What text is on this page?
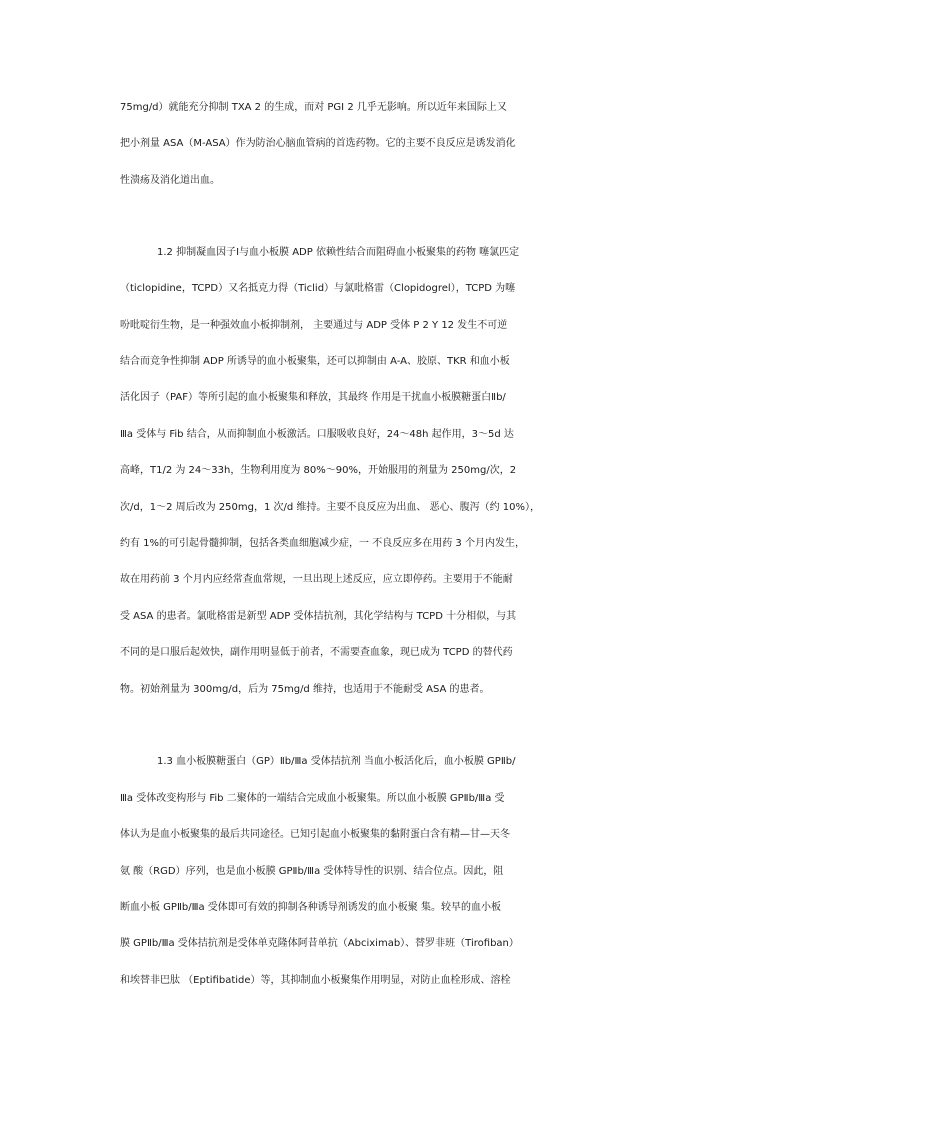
75mg/d）就能充分抑制 TXA 2 的生成，而对 PGI 2 几乎无影响。所以近年来国际上又
把小剂量 ASA（M-ASA）作为防治心脑血管病的首选药物。它的主要不良反应是诱发消化
性溃疡及消化道出血。
1.2 抑制凝血因子Ⅰ与血小板膜 ADP 依赖性结合而阻碍血小板聚集的药物 噻氯匹定
（ticlopidine，TCPD）又名抵克力得（Ticlid）与氯吡格雷（Clopidogrel），TCPD 为噻
吩吡啶衍生物，是一种强效血小板抑制剂， 主要通过与 ADP 受体 P 2 Y 12 发生不可逆
结合而竞争性抑制 ADP 所诱导的血小板聚集，还可以抑制由 A-A、胶原、TKR 和血小板
活化因子（PAF）等所引起的血小板聚集和释放，其最终 作用是干扰血小板膜糖蛋白Ⅱb/
Ⅲa 受体与 Fib 结合，从而抑制血小板激活。口服吸收良好，24～48h 起作用，3～5d 达
高峰，T1/2 为 24～33h，生物利用度为 80%～90%，开始服用的剂量为 250mg/次，2
次/d，1～2 周后改为 250mg，1 次/d 维持。主要不良反应为出血、 恶心、腹泻（约 10%），
约有 1%的可引起骨髓抑制，包括各类血细胞减少症，一 不良反应多在用药 3 个月内发生，
故在用药前 3 个月内应经常查血常规，一旦出现上述反应，应立即停药。主要用于不能耐
受 ASA 的患者。氯吡格雷是新型 ADP 受体拮抗剂，其化学结构与 TCPD 十分相似，与其
不同的是口服后起效快，副作用明显低于前者，不需要查血象，现已成为 TCPD 的替代药
物。初始剂量为 300mg/d，后为 75mg/d 维持，也适用于不能耐受 ASA 的患者。
1.3 血小板膜糖蛋白（GP）Ⅱb/Ⅲa 受体拮抗剂 当血小板活化后，血小板膜 GPⅡb/
Ⅲa 受体改变构形与 Fib 二聚体的一端结合完成血小板聚集。所以血小板膜 GPⅡb/Ⅲa 受
体认为是血小板聚集的最后共同途径。已知引起血小板聚集的黏附蛋白含有精—甘—天冬
氨 酸（RGD）序列，也是血小板膜 GPⅡb/Ⅲa 受体特导性的识别、结合位点。因此，阻
断血小板 GPⅡb/Ⅲa 受体即可有效的抑制各种诱导剂诱发的血小板聚 集。较早的血小板
膜 GPⅡb/Ⅲa 受体拮抗剂是受体单克隆体阿昔单抗（Abciximab）、替罗非班（Tirofiban）
和埃替非巴肽 （Eptifibatide）等，其抑制血小板聚集作用明显，对防止血栓形成、溶栓
